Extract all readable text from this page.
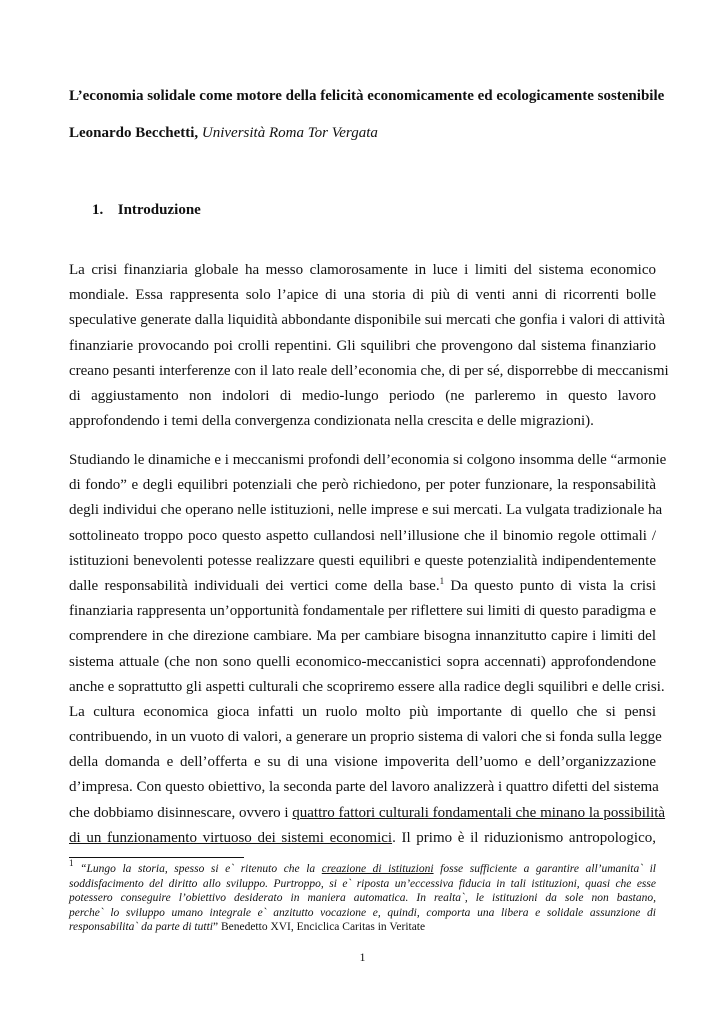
L’economia solidale come motore della felicità economicamente ed ecologicamente sostenibile
Leonardo Becchetti, Università Roma Tor Vergata
1. Introduzione
La crisi finanziaria globale ha messo clamorosamente in luce i limiti del sistema economico
mondiale. Essa rappresenta solo l’apice di una storia di più di venti anni di ricorrenti bolle
speculative generate dalla liquidità abbondante disponibile sui mercati che gonfia i valori di attività
finanziarie provocando poi crolli repentini. Gli squilibri che provengono dal sistema finanziario
creano pesanti interferenze con il lato reale dell’economia che, di per sé, disporrebbe di meccanismi
di aggiustamento non indolori di medio-lungo periodo (ne parleremo in questo lavoro
approfondendo i temi della convergenza condizionata nella crescita e delle migrazioni).
Studiando le dinamiche e i meccanismi profondi dell’economia si colgono insomma delle “armonie
di fondo” e degli equilibri potenziali che però richiedono, per poter funzionare, la responsabilità
degli individui che operano nelle istituzioni, nelle imprese e sui mercati. La vulgata tradizionale ha
sottolineato troppo poco questo aspetto cullandosi nell’illusione che il binomio regole ottimali /
istituzioni benevolenti potesse realizzare questi equilibri e queste potenzialità indipendentemente
dalle responsabilità individuali dei vertici come della base.$^1$ Da questo punto di vista la crisi
finanziaria rappresenta un’opportunità fondamentale per riflettere sui limiti di questo paradigma e
comprendere in che direzione cambiare. Ma per cambiare bisogna innanzitutto capire i limiti del
sistema attuale (che non sono quelli economico-meccanistici sopra accennati) approfondendone
anche e soprattutto gli aspetti culturali che scopriremo essere alla radice degli squilibri e delle crisi.
La cultura economica gioca infatti un ruolo molto più importante di quello che si pensi
contribuendo, in un vuoto di valori, a generare un proprio sistema di valori che si fonda sulla legge
della domanda e dell’offerta e su di una visione impoverita dell’uomo e dell’organizzazione
d’impresa. Con questo obiettivo, la seconda parte del lavoro analizzerà i quattro difetti del sistema
che dobbiamo disinnescare, ovvero i quattro fattori culturali fondamentali che minano la possibilità
di un funzionamento virtuoso dei sistemi economici. Il primo è il riduzionismo antropologico,
$^1$ “Lungo la storia, spesso si e` ritenuto che la creazione di istituzioni fosse sufficiente a garantire all’umanita` il
soddisfacimento del diritto allo sviluppo. Purtroppo, si e` riposta un’eccessiva fiducia in tali istituzioni, quasi che esse
potessero conseguire l’obiettivo desiderato in maniera automatica. In realta`, le istituzioni da sole non bastano,
perche` lo sviluppo umano integrale e` anzitutto vocazione e, quindi, comporta una libera e solidale assunzione di
responsabilita` da parte di tutti” Benedetto XVI, Enciclica Caritas in Veritate
1
